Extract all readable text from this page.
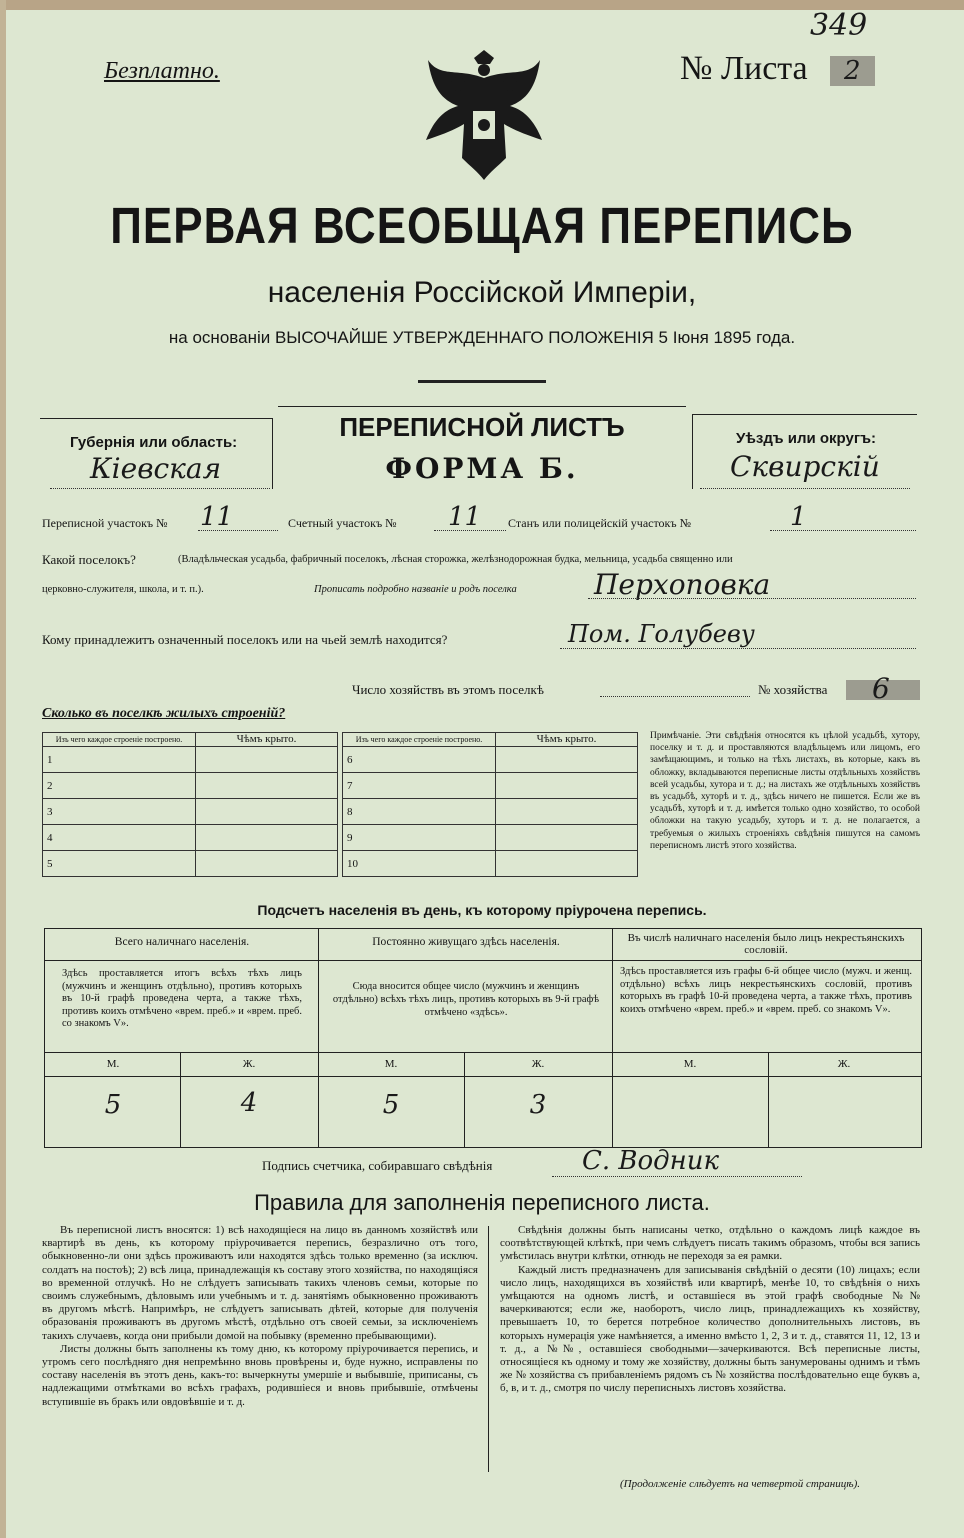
Безплатно.	№ Листа	2
349
ПЕРВАЯ ВСЕОБЩАЯ ПЕРЕПИСЬ
населенія Россійской Имперіи,
на основаніи ВЫСОЧАЙШЕ УТВЕРЖДЕННАГО ПОЛОЖЕНІЯ 5 Іюня 1895 года.
Губернія или область:
Кіевская
ПЕРЕПИСНОЙ ЛИСТЪ
ФОРМА Б.
Уѣздъ или округъ:
Сквирскій
Переписной участокъ № 11	Счетный участокъ № 11 Станъ или полицейскій участокъ №	1
Какой поселокъ?	(Владѣльческая усадьба, фабричный поселокъ, лѣсная сторожка, желѣзнодорожная будка, мельница, усадьба священно или
церковно-служителя, школа, и т. п.).	Прописать подробно названіе и родъ поселка	Перхоповка
Кому принадлежитъ означенный поселокъ или на чьей землѣ находится?	Пом. Голубеву
Число хозяйствъ въ этомъ поселкѣ	№ хозяйства 6
Сколько въ поселкѣ жилыхъ строеній?
Изъ чего каждое строеніе построено.	Чѣмъ крыто.
1	
2	
3	
4	
5	
Изъ чего каждое строеніе построено.	Чѣмъ крыто.
6	
7	
8	
9	
10	
Примѣчаніе. Эти свѣдѣнія относятся къ цѣлой усадьбѣ, хутору, поселку и т. д. и проставляются владѣльцемъ или лицомъ, его замѣщающимъ, и только на тѣхъ листахъ, въ которые, какъ въ обложку, вкладываются переписные листы отдѣльныхъ хозяйствъ всей усадьбы, хутора и т. д.; на листахъ же отдѣльныхъ хозяйствъ въ усадьбѣ, хуторѣ и т. д., здѣсь ничего не пишется. Если же въ усадьбѣ, хуторѣ и т. д. имѣется только одно хозяйство, то особой обложки на такую усадьбу, хуторъ и т. д. не полагается, а требуемыя о жилыхъ строеніяхъ свѣдѣнія пишутся на самомъ переписномъ листѣ этого хозяйства.
Подсчетъ населенія въ день, къ которому пріурочена перепись.
Всего наличнаго населенія.	Постоянно живущаго здѣсь населенія.	Въ числѣ наличнаго населенія было лицъ некрестьянскихъ сословій.
Здѣсь проставляется итогъ всѣхъ тѣхъ лицъ (мужчинъ и женщинъ отдѣльно), противъ которыхъ въ 10-й графѣ проведена черта, а также тѣхъ, противъ коихъ отмѣчено «врем. преб.» и «врем. преб. со знакомъ V».
Сюда вносится общее число (мужчинъ и женщинъ отдѣльно) всѣхъ тѣхъ лицъ, противъ которыхъ въ 9-й графѣ отмѣчено «здѣсь».
Здѣсь проставляется изъ графы 6-й общее число (мужч. и женщ. отдѣльно) всѣхъ лицъ некрестьянскихъ сословій, противъ которыхъ въ графѣ 10-й проведена черта, а также тѣхъ, противъ коихъ отмѣчено «врем. преб.» и «врем. преб. со знакомъ V».
М.	Ж.	М.	Ж.	М.	Ж.
5	4	5	3
Подпись счетчика, собиравшаго свѣдѣнія	С. Водник
Правила для заполненія переписного листа.

Въ переписной листъ вносятся: 1) всѣ находящіеся на лицо въ данномъ хозяйствѣ или квартирѣ въ день, къ которому пріурочивается перепись, безразлично отъ того, обыкновенно-ли они здѣсь проживаютъ или находятся здѣсь только временно (за исключ. солдатъ на постоѣ); 2) всѣ лица, принадлежащія къ составу этого хозяйства, по находящіяся во временной отлучкѣ. Но не слѣдуетъ записывать такихъ членовъ семьи, которые по своимъ служебнымъ, дѣловымъ или учебнымъ и т. д. занятіямъ обыкновенно проживаютъ въ другомъ мѣстѣ. Напримѣръ, не слѣдуетъ записывать дѣтей, которые для полученія образованія проживаютъ въ другомъ мѣстѣ, отдѣльно отъ своей семьи, за исключеніемъ такихъ случаевъ, когда они прибыли домой на побывку (временно пребывающими).

Листы должны быть заполнены къ тому дню, къ которому пріурочивается перепись, и утромъ сего послѣдняго дня непремѣнно вновь провѣрены и, буде нужно, исправлены по составу населенія въ этотъ день, какъ-то: вычеркнуты умершіе и выбывшіе, приписаны, съ надлежащими отмѣтками во всѣхъ графахъ, родившіеся и вновь прибывшіе, отмѣчены вступившіе въ бракъ или овдовѣвшіе и т. д.

Свѣдѣнія должны быть написаны четко, отдѣльно о каждомъ лицѣ каждое въ соотвѣтствующей клѣткѣ, при чемъ слѣдуетъ писать такимъ образомъ, чтобы вся запись умѣстилась внутри клѣтки, отнюдь не переходя за ея рамки.

Каждый листъ предназначенъ для записыванія свѣдѣній о десяти (10) лицахъ; если число лицъ, находящихся въ хозяйствѣ или квартирѣ, менѣе 10, то свѣдѣнія о нихъ умѣщаются на одномъ листѣ, и оставшіеся въ этой графѣ свободные №№ вачеркиваются; если же, наоборотъ, число лицъ, принадлежащихъ къ хозяйству, превышаетъ 10, то берется потребное количество дополнительныхъ листовъ, въ которыхъ нумерація уже намѣняется, а именно вмѣсто 1, 2, 3 и т. д., ставятся 11, 12, 13 и т. д., а №№, оставшіеся свободными—зачеркиваются. Всѣ переписные листы, относящіеся къ одному и тому же хозяйству, должны быть занумерованы однимъ и тѣмъ же № хозяйства съ прибавленіемъ рядомъ съ № хозяйства послѣдовательно еще буквъ а, б, в, и т. д., смотря по числу переписныхъ листовъ хозяйства.

(Продолженіе слѣдуетъ на четвертой страницѣ).
